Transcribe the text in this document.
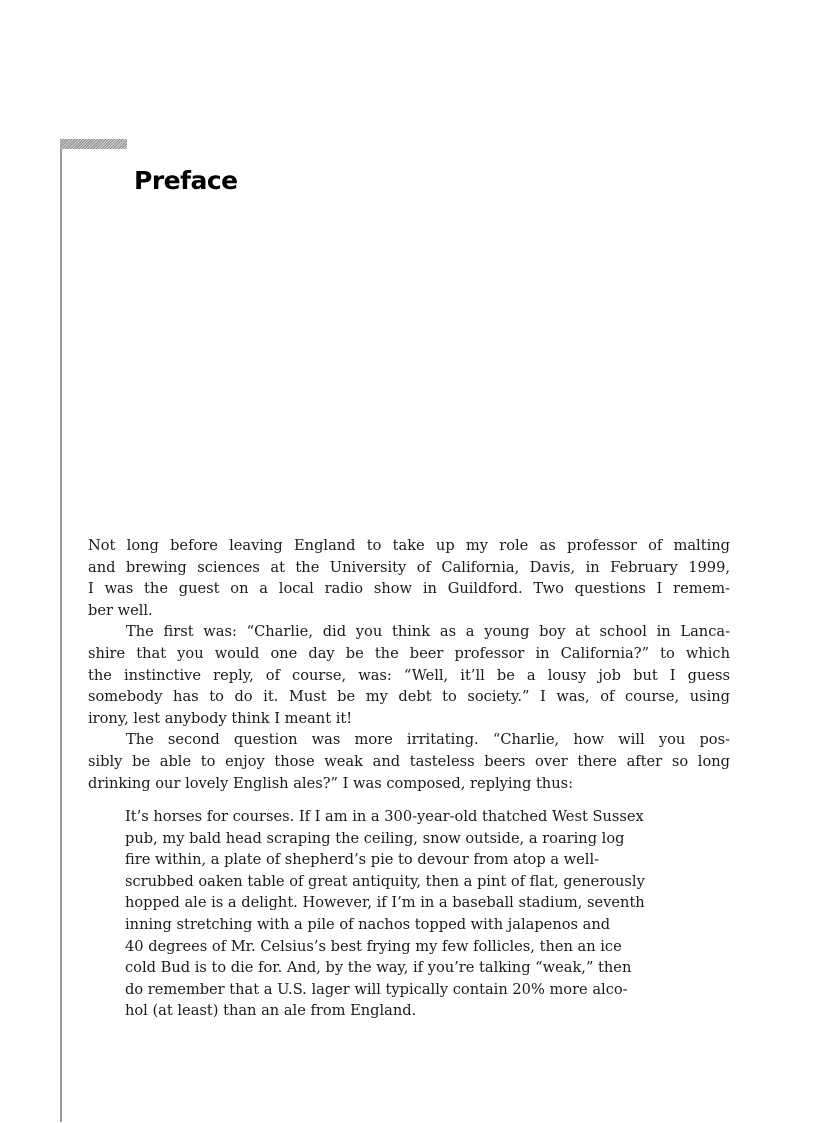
Preface
Not long before leaving England to take up my role as professor of malting
and brewing sciences at the University of California, Davis, in February 1999,
I was the guest on a local radio show in Guildford. Two questions I remem-
ber well.
The first was: “Charlie, did you think as a young boy at school in Lanca-
shire that you would one day be the beer professor in California?” to which
the instinctive reply, of course, was: “Well, it’ll be a lousy job but I guess
somebody has to do it. Must be my debt to society.” I was, of course, using
irony, lest anybody think I meant it!
The second question was more irritating. “Charlie, how will you pos-
sibly be able to enjoy those weak and tasteless beers over there after so long
drinking our lovely English ales?” I was composed, replying thus:
It’s horses for courses. If I am in a 300-year-old thatched West Sussex
pub, my bald head scraping the ceiling, snow outside, a roaring log
fire within, a plate of shepherd’s pie to devour from atop a well-
scrubbed oaken table of great antiquity, then a pint of flat, generously
hopped ale is a delight. However, if I’m in a baseball stadium, seventh
inning stretching with a pile of nachos topped with jalapenos and
40 degrees of Mr. Celsius’s best frying my few follicles, then an ice
cold Bud is to die for. And, by the way, if you’re talking “weak,” then
do remember that a U.S. lager will typically contain 20% more alco-
hol (at least) than an ale from England.
